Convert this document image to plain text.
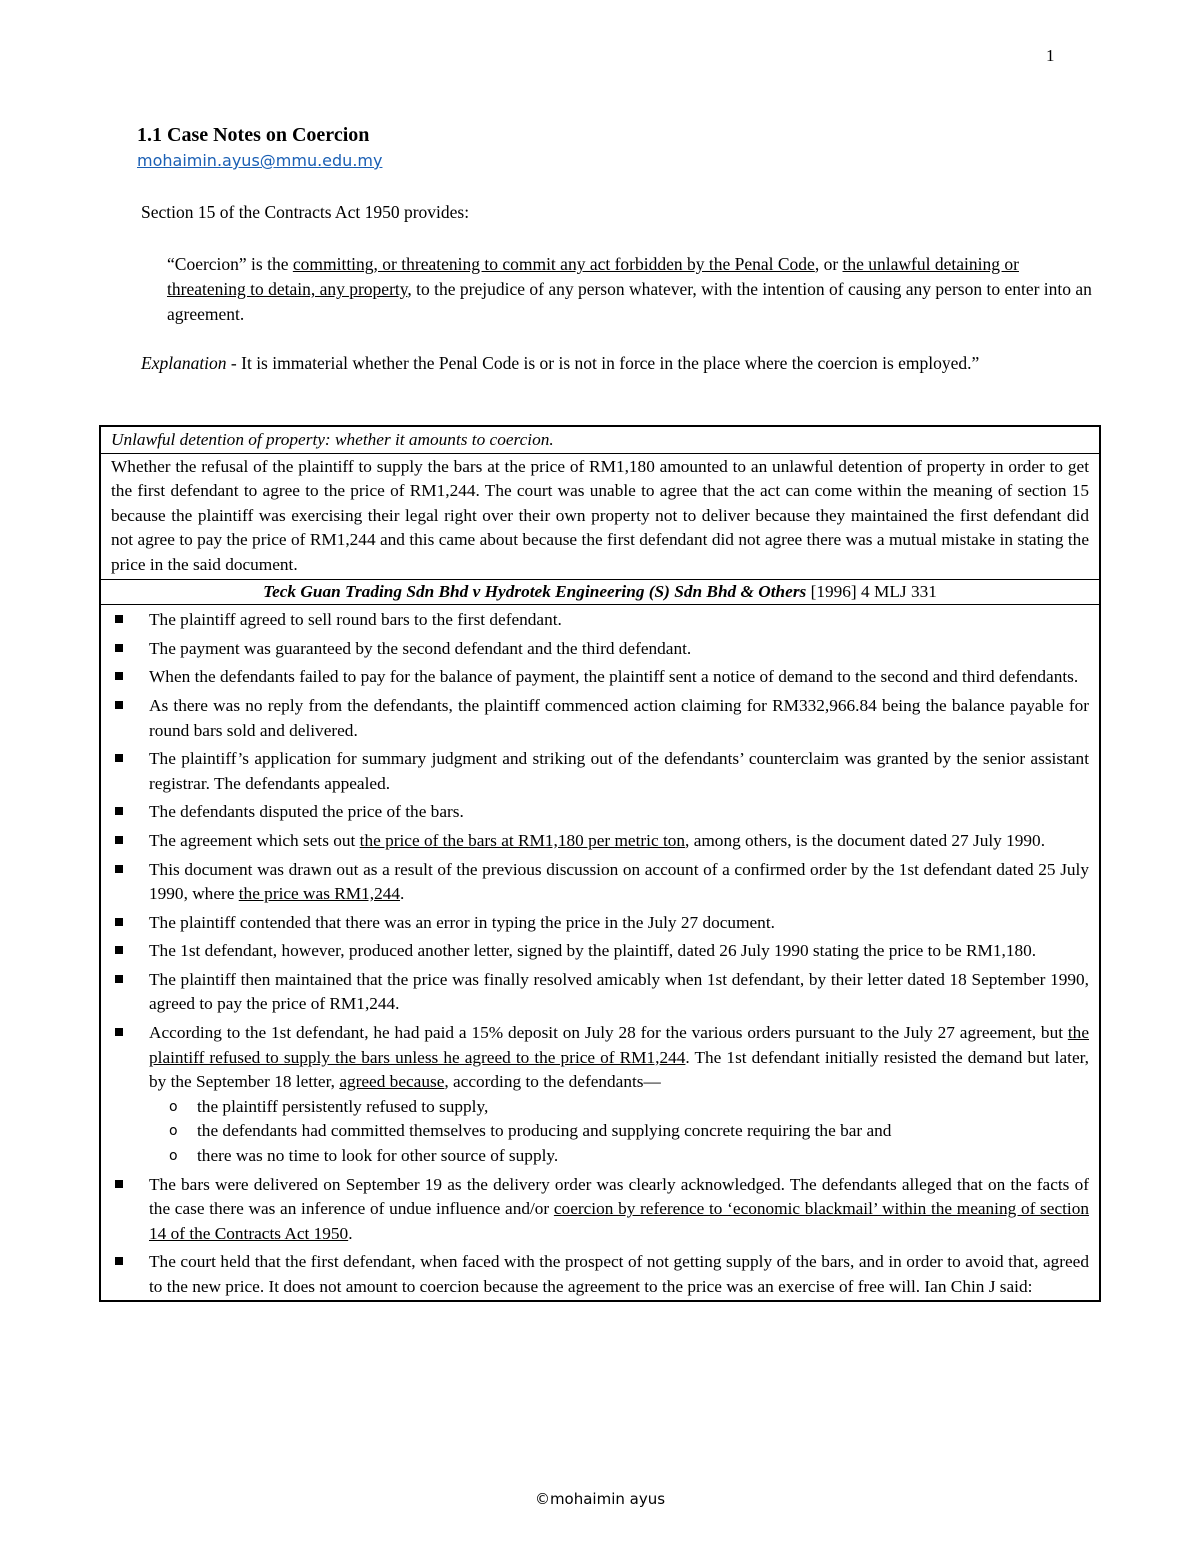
1
1.1 Case Notes on Coercion
mohaimin.ayus@mmu.edu.my
Section 15 of the Contracts Act 1950 provides:
“Coercion” is the committing, or threatening to commit any act forbidden by the Penal Code, or the unlawful detaining or threatening to detain, any property, to the prejudice of any person whatever, with the intention of causing any person to enter into an agreement.
Explanation - It is immaterial whether the Penal Code is or is not in force in the place where the coercion is employed.”
Unlawful detention of property: whether it amounts to coercion.
Whether the refusal of the plaintiff to supply the bars at the price of RM1,180 amounted to an unlawful detention of property in order to get the first defendant to agree to the price of RM1,244. The court was unable to agree that the act can come within the meaning of section 15 because the plaintiff was exercising their legal right over their own property not to deliver because they maintained the first defendant did not agree to pay the price of RM1,244 and this came about because the first defendant did not agree there was a mutual mistake in stating the price in the said document.
Teck Guan Trading Sdn Bhd v Hydrotek Engineering (S) Sdn Bhd & Others [1996] 4 MLJ 331
The plaintiff agreed to sell round bars to the first defendant.
The payment was guaranteed by the second defendant and the third defendant.
When the defendants failed to pay for the balance of payment, the plaintiff sent a notice of demand to the second and third defendants.
As there was no reply from the defendants, the plaintiff commenced action claiming for RM332,966.84 being the balance payable for round bars sold and delivered.
The plaintiff’s application for summary judgment and striking out of the defendants’ counterclaim was granted by the senior assistant registrar. The defendants appealed.
The defendants disputed the price of the bars.
The agreement which sets out the price of the bars at RM1,180 per metric ton, among others, is the document dated 27 July 1990.
This document was drawn out as a result of the previous discussion on account of a confirmed order by the 1st defendant dated 25 July 1990, where the price was RM1,244.
The plaintiff contended that there was an error in typing the price in the July 27 document.
The 1st defendant, however, produced another letter, signed by the plaintiff, dated 26 July 1990 stating the price to be RM1,180.
The plaintiff then maintained that the price was finally resolved amicably when 1st defendant, by their letter dated 18 September 1990, agreed to pay the price of RM1,244.
According to the 1st defendant, he had paid a 15% deposit on July 28 for the various orders pursuant to the July 27 agreement, but the plaintiff refused to supply the bars unless he agreed to the price of RM1,244. The 1st defendant initially resisted the demand but later, by the September 18 letter, agreed because, according to the defendants—
o the plaintiff persistently refused to supply,
o the defendants had committed themselves to producing and supplying concrete requiring the bar and
o there was no time to look for other source of supply.
The bars were delivered on September 19 as the delivery order was clearly acknowledged. The defendants alleged that on the facts of the case there was an inference of undue influence and/or coercion by reference to ‘economic blackmail’ within the meaning of section 14 of the Contracts Act 1950.
The court held that the first defendant, when faced with the prospect of not getting supply of the bars, and in order to avoid that, agreed to the new price. It does not amount to coercion because the agreement to the price was an exercise of free will. Ian Chin J said:
©mohaimin ayus
